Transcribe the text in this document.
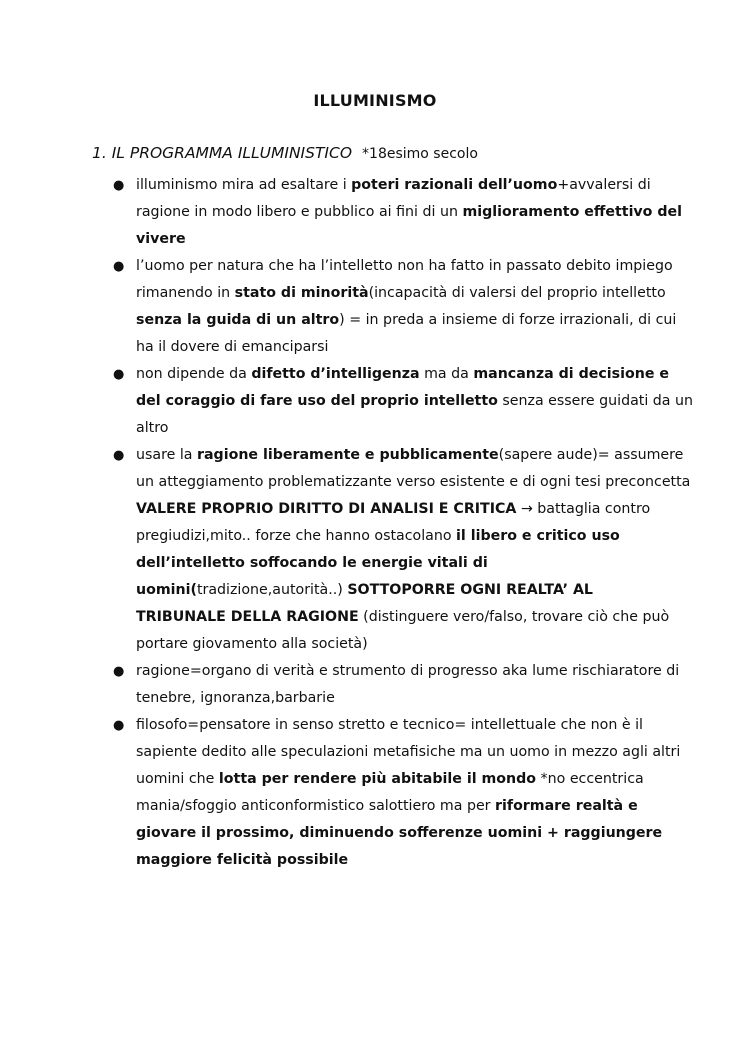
ILLUMINISMO
1. IL PROGRAMMA ILLUMINISTICO *18esimo secolo
● illuminismo mira ad esaltare i poteri razionali dell’uomo+avvalersi di
ragione in modo libero e pubblico ai fini di un miglioramento effettivo del
vivere
● l’uomo per natura che ha l’intelletto non ha fatto in passato debito impiego
rimanendo in stato di minorità(incapacità di valersi del proprio intelletto
senza la guida di un altro) = in preda a insieme di forze irrazionali, di cui
ha il dovere di emanciparsi
● non dipende da difetto d’intelligenza ma da mancanza di decisione e
del coraggio di fare uso del proprio intelletto senza essere guidati da un
altro
● usare la ragione liberamente e pubblicamente(sapere aude)= assumere
un atteggiamento problematizzante verso esistente e di ogni tesi preconcetta
VALERE PROPRIO DIRITTO DI ANALISI E CRITICA → battaglia contro
pregiudizi,mito.. forze che hanno ostacolano il libero e critico uso
dell’intelletto soffocando le energie vitali di
uomini(tradizione,autorità..) SOTTOPORRE OGNI REALTA’ AL
TRIBUNALE DELLA RAGIONE (distinguere vero/falso, trovare ciò che può
portare giovamento alla società)
● ragione=organo di verità e strumento di progresso aka lume rischiaratore di
tenebre, ignoranza,barbarie
● filosofo=pensatore in senso stretto e tecnico= intellettuale che non è il
sapiente dedito alle speculazioni metafisiche ma un uomo in mezzo agli altri
uomini che lotta per rendere più abitabile il mondo *no eccentrica
mania/sfoggio anticonformistico salottiero ma per riformare realtà e
giovare il prossimo, diminuendo sofferenze uomini + raggiungere
maggiore felicità possibile
